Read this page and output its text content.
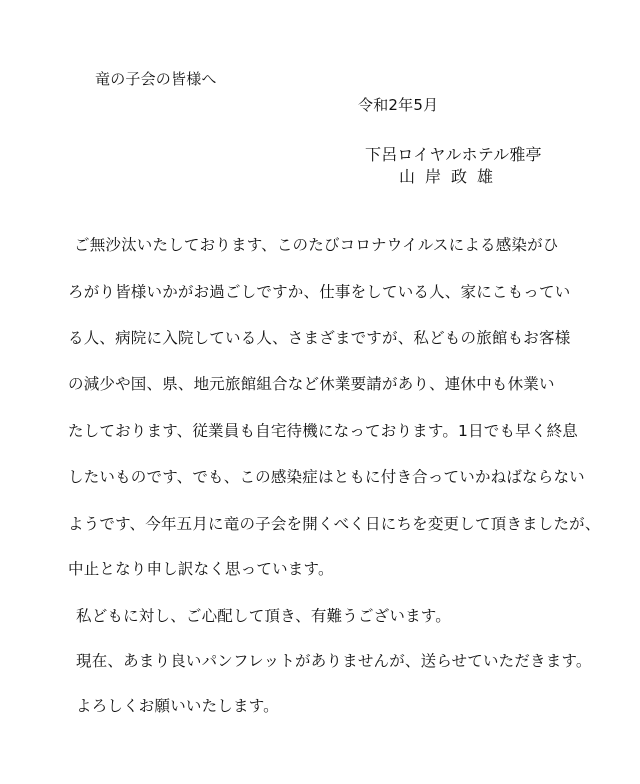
竜の子会の皆様へ
令和2年5月
下呂ロイヤルホテル雅亭
山岸政雄
ご無沙汰いたしております、このたびコロナウイルスによる感染がひ
ろがり皆様いかがお過ごしですか、仕事をしている人、家にこもってい
る人、病院に入院している人、さまざまですが、私どもの旅館もお客様
の減少や国、県、地元旅館組合など休業要請があり、連休中も休業い
たしております、従業員も自宅待機になっております。1日でも早く終息
したいものです、でも、この感染症はともに付き合っていかねばならない
ようです、今年五月に竜の子会を開くべく日にちを変更して頂きましたが、
中止となり申し訳なく思っています。
私どもに対し、ご心配して頂き、有難うございます。
現在、あまり良いパンフレットがありませんが、送らせていただきます。
よろしくお願いいたします。
